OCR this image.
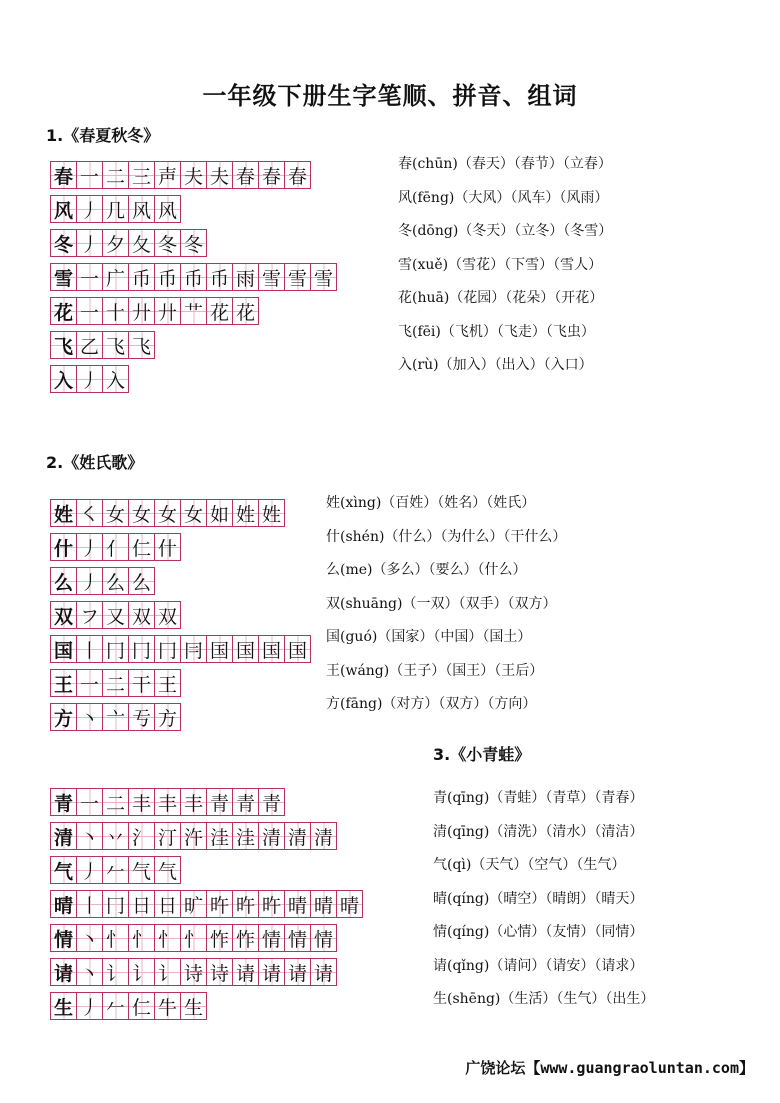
一年级下册生字笔顺、拼音、组词
1.《春夏秋冬》
春 一 二 三 声 夫 夫 春 春 春
风 丿 几 风 风
冬 丿 夕 夂 冬 冬
雪 一 广 币 币 币 币 雨 雪 雪 雪
花 一 十 廾 廾 艹 花 花
飞 乙 飞 飞
入 丿 入
春(chūn)（春天）（春节）（立春）
风(fēng)（大风）（风车）（风雨）
冬(dōng)（冬天）（立冬）（冬雪）
雪(xuě)（雪花）（下雪）（雪人）
花(huā)（花园）（花朵）（开花）
飞(fēi)（飞机）（飞走）（飞虫）
入(rù)（加入）（出入）（入口）
2.《姓氏歌》
姓 ㇛ 女 女 女 女 如 姓 姓
什 丿 亻 仁 什
么 丿 么 么
双 フ 又 双 双
国 丨 冂 冂 冂 冃 国 国 国 国
王 一 二 干 王
方 丶 亠 亐 方
姓(xìng)（百姓）（姓名）（姓氏）
什(shén)（什么）（为什么）（干什么）
么(me)（多么）（要么）（什么）
双(shuāng)（一双）（双手）（双方）
国(guó)（国家）（中国）（国土）
王(wáng)（王子）（国王）（王后）
方(fāng)（对方）（双方）（方向）
3.《小青蛙》
青 一 二 丰 丰 丰 青 青 青
清 丶 丷 氵 汀 汻 洼 洼 清 清 清
气 丿 𠂉 气 气
晴 丨 冂 日 日 旷 旿 旿 旿 晴 晴 晴
情 丶 忄 忄 忄 忄 怍 怍 情 情 情
请 丶 讠 讠 讠 诗 诗 请 请 请 请
生 丿 𠂉 仁 牛 生
青(qīng)（青蛙）（青草）（青春）
清(qīng)（清洗）（清水）（清洁）
气(qì)（天气）（空气）（生气）
晴(qíng)（晴空）（晴朗）（晴天）
情(qíng)（心情）（友情）（同情）
请(qǐng)（请问）（请安）（请求）
生(shēng)（生活）（生气）（出生）
广饶论坛【www.guangraoluntan.com】
